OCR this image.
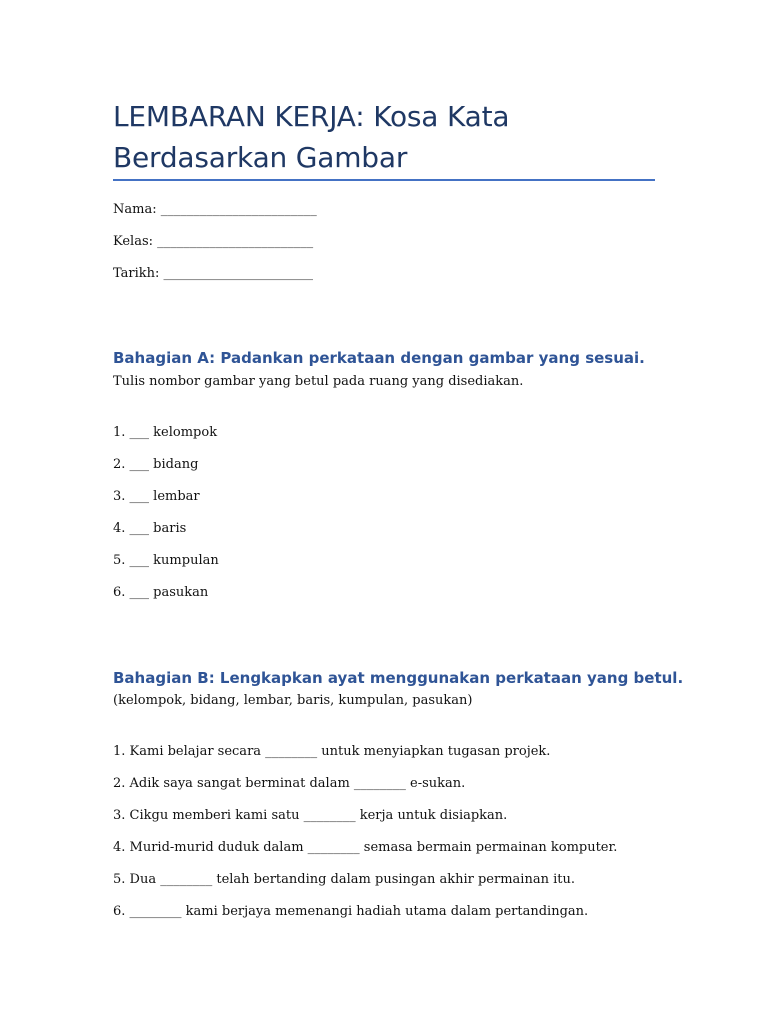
LEMBARAN KERJA: Kosa Kata Berdasarkan Gambar
Nama: ________________________
Kelas: ________________________
Tarikh: _______________________
Bahagian A: Padankan perkataan dengan gambar yang sesuai.
Tulis nombor gambar yang betul pada ruang yang disediakan.
1. ___ kelompok
2. ___ bidang
3. ___ lembar
4. ___ baris
5. ___ kumpulan
6. ___ pasukan
Bahagian B: Lengkapkan ayat menggunakan perkataan yang betul.
(kelompok, bidang, lembar, baris, kumpulan, pasukan)
1. Kami belajar secara ________ untuk menyiapkan tugasan projek.
2. Adik saya sangat berminat dalam ________ e-sukan.
3. Cikgu memberi kami satu ________ kerja untuk disiapkan.
4. Murid-murid duduk dalam ________ semasa bermain permainan komputer.
5. Dua ________ telah bertanding dalam pusingan akhir permainan itu.
6. ________ kami berjaya memenangi hadiah utama dalam pertandingan.
